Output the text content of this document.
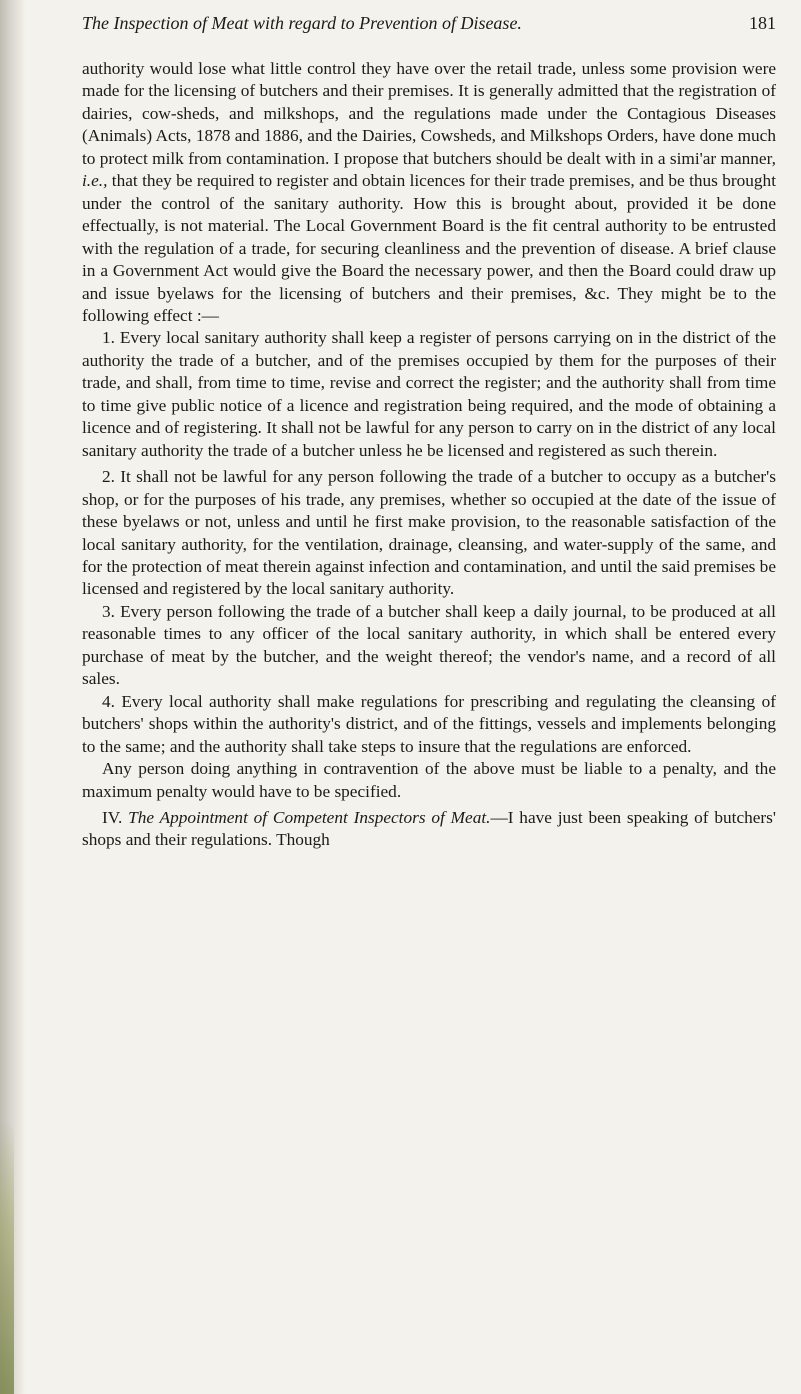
The Inspection of Meat with regard to Prevention of Disease.	181

authority would lose what little control they have over the retail trade, unless some provision were made for the licensing of butchers and their premises. It is generally admitted that the registration of dairies, cow-sheds, and milkshops, and the regulations made under the Contagious Diseases (Animals) Acts, 1878 and 1886, and the Dairies, Cowsheds, and Milkshops Orders, have done much to protect milk from contamination. I propose that butchers should be dealt with in a simi'ar manner, i.e., that they be required to register and obtain licences for their trade premises, and be thus brought under the control of the sanitary authority. How this is brought about, provided it be done effectually, is not material. The Local Government Board is the fit central authority to be entrusted with the regulation of a trade, for securing cleanliness and the prevention of disease. A brief clause in a Government Act would give the Board the necessary power, and then the Board could draw up and issue byelaws for the licensing of butchers and their premises, &c. They might be to the following effect :—

1. Every local sanitary authority shall keep a register of persons carrying on in the district of the authority the trade of a butcher, and of the premises occupied by them for the purposes of their trade, and shall, from time to time, revise and correct the register; and the authority shall from time to time give public notice of a licence and registration being required, and the mode of obtaining a licence and of registering. It shall not be lawful for any person to carry on in the district of any local sanitary authority the trade of a butcher unless he be licensed and registered as such therein.

2. It shall not be lawful for any person following the trade of a butcher to occupy as a butcher's shop, or for the purposes of his trade, any premises, whether so occupied at the date of the issue of these byelaws or not, unless and until he first make provision, to the reasonable satisfaction of the local sanitary authority, for the ventilation, drainage, cleansing, and water-supply of the same, and for the protection of meat therein against infection and contamination, and until the said premises be licensed and registered by the local sanitary authority.

3. Every person following the trade of a butcher shall keep a daily journal, to be produced at all reasonable times to any officer of the local sanitary authority, in which shall be entered every purchase of meat by the butcher, and the weight thereof; the vendor's name, and a record of all sales.

4. Every local authority shall make regulations for prescribing and regulating the cleansing of butchers' shops within the authority's district, and of the fittings, vessels and implements belonging to the same; and the authority shall take steps to insure that the regulations are enforced.

Any person doing anything in contravention of the above must be liable to a penalty, and the maximum penalty would have to be specified.

IV. The Appointment of Competent Inspectors of Meat.—I have just been speaking of butchers' shops and their regulations. Though
